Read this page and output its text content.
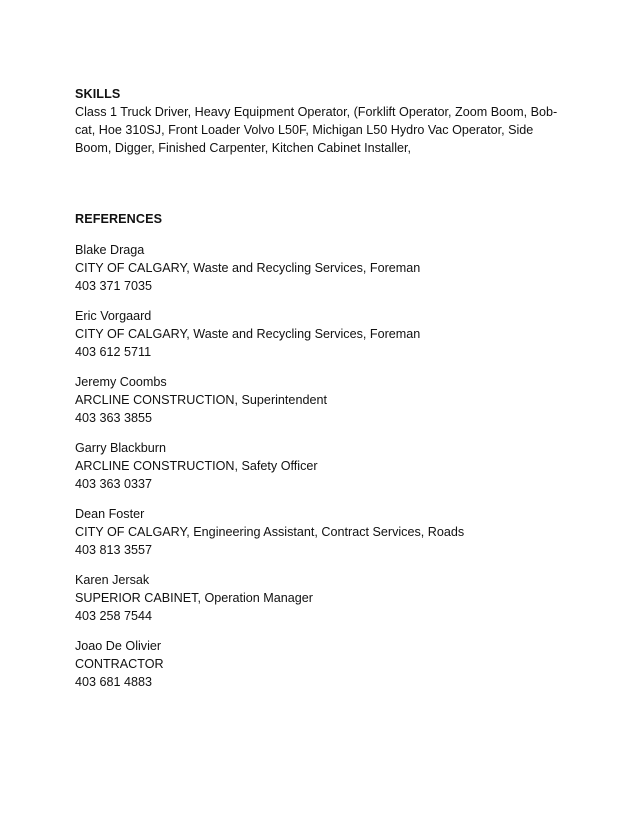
SKILLS
Class 1 Truck Driver, Heavy Equipment Operator, (Forklift Operator, Zoom Boom, Bob-
cat, Hoe 310SJ, Front Loader Volvo L50F, Michigan L50 Hydro Vac Operator, Side
Boom, Digger, Finished Carpenter, Kitchen Cabinet Installer,
REFERENCES
Blake Draga
CITY OF CALGARY, Waste and Recycling Services, Foreman
403 371 7035
Eric Vorgaard
CITY OF CALGARY, Waste and Recycling Services, Foreman
403 612 5711
Jeremy Coombs
ARCLINE CONSTRUCTION, Superintendent
403 363 3855
Garry Blackburn
ARCLINE CONSTRUCTION, Safety Officer
403 363 0337
Dean Foster
CITY OF CALGARY, Engineering Assistant, Contract Services, Roads
403 813 3557
Karen Jersak
SUPERIOR CABINET, Operation Manager
403 258 7544
Joao De Olivier
CONTRACTOR
403 681 4883
